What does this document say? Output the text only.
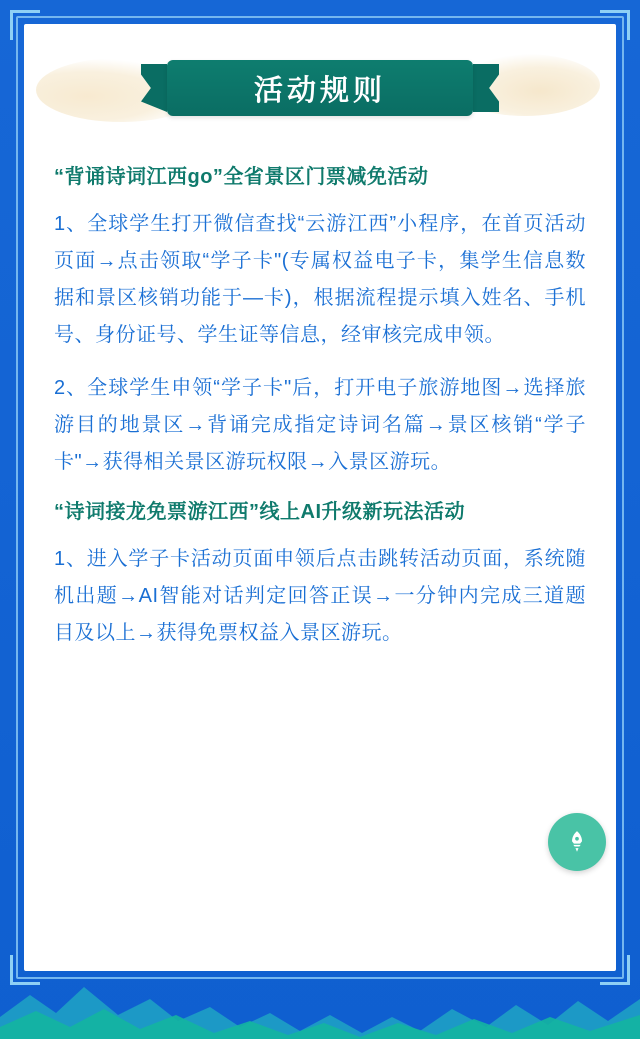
活动规则
“背诵诗词江西go”全省景区门票减免活动
1、全球学生打开微信查找“云游江西”小程序，在首页活动页面→点击领取“学子卡"(专属权益电子卡，集学生信息数据和景区核销功能于—卡)，根据流程提示填入姓名、手机号、身份证号、学生证等信息，经审核完成申领。
2、全球学生申领“学子卡"后，打开电子旅游地图→选择旅游目的地景区→背诵完成指定诗词名篇→景区核销“学子卡"→获得相关景区游玩权限→入景区游玩。
“诗词接龙免票游江西”线上AI升级新玩法活动
1、进入学子卡活动页面申领后点击跳转活动页面，系统随机出题→AI智能对话判定回答正误→一分钟内完成三道题目及以上→获得免票权益入景区游玩。
